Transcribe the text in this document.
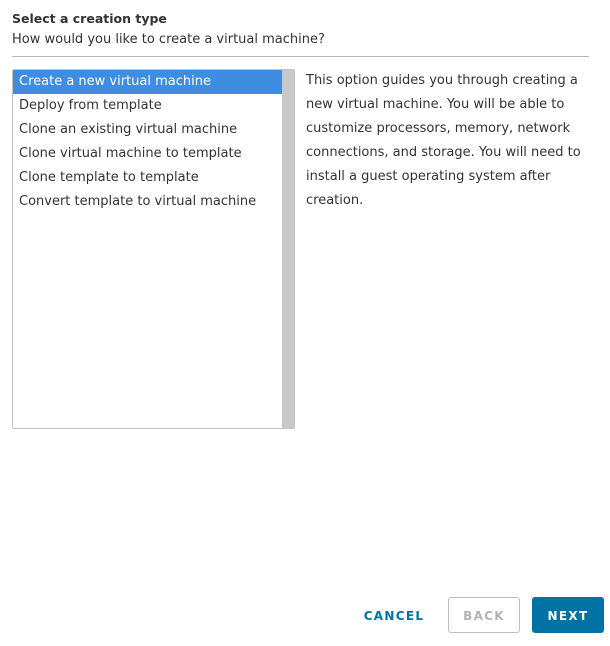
Select a creation type
How would you like to create a virtual machine?
Create a new virtual machine
Deploy from template
Clone an existing virtual machine
Clone virtual machine to template
Clone template to template
Convert template to virtual machine
This option guides you through creating a new virtual machine. You will be able to customize processors, memory, network connections, and storage. You will need to install a guest operating system after creation.
CANCEL	BACK	NEXT
